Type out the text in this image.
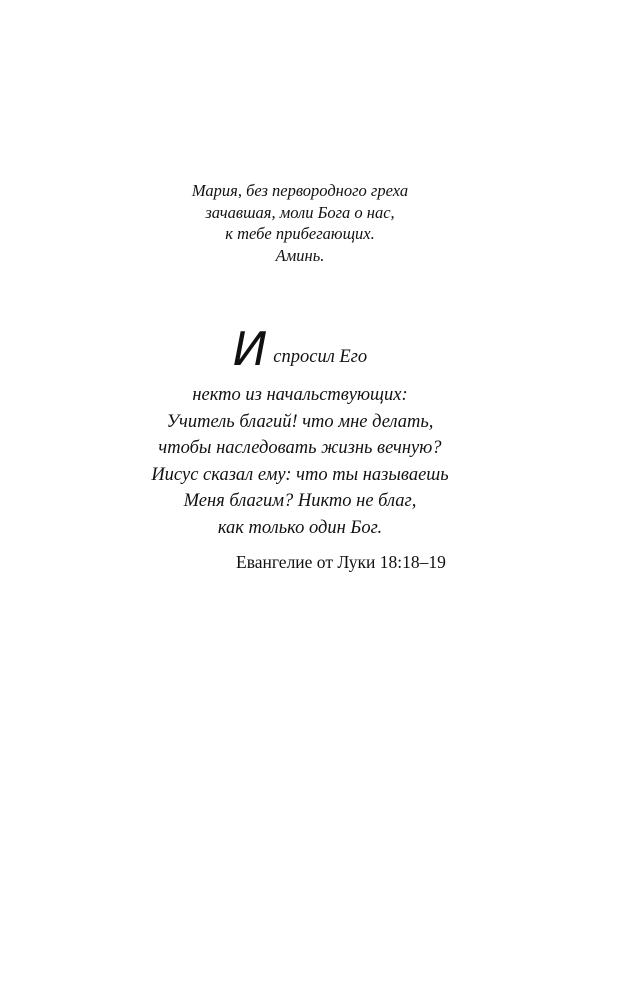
Мария, без первородного греха
зачавшая, моли Бога о нас,
к тебе прибегающих.
Аминь.
Испросил Его
некто из начальствующих:
Учитель благий! что мне делать,
чтобы наследовать жизнь вечную?
Иисус сказал ему: что ты называешь
Меня благим? Никто не благ,
как только один Бог.
Евангелие от Луки 18:18–19
